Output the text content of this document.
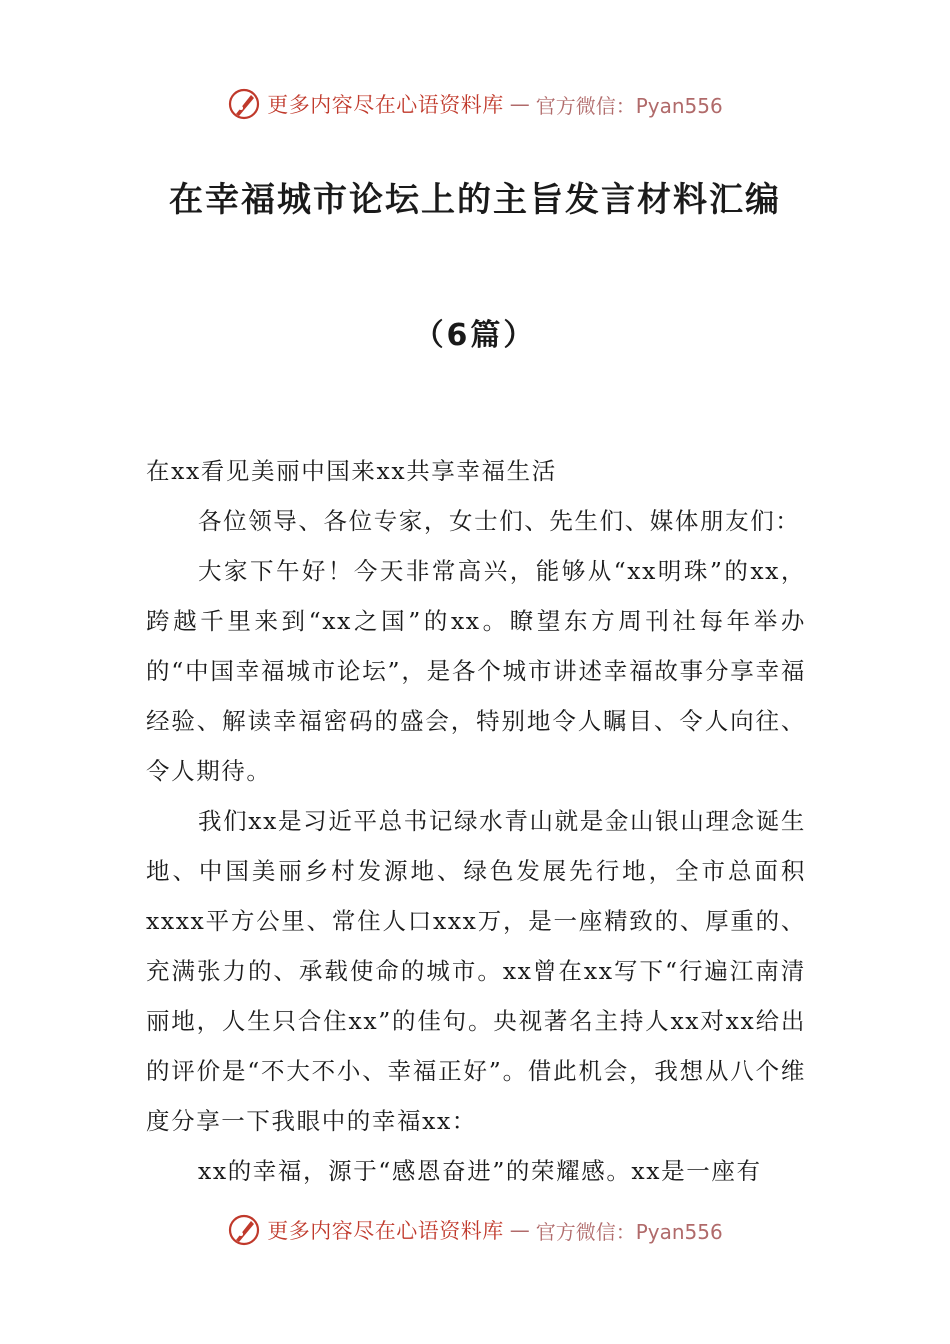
更多内容尽在心语资料库 — 官方微信：Pyan556
在幸福城市论坛上的主旨发言材料汇编
（6篇）

在xx看见美丽中国来xx共享幸福生活

各位领导、各位专家，女士们、先生们、媒体朋友们：

大家下午好！今天非常高兴，能够从“xx明珠”的xx，跨越千里来到“xx之国”的xx。瞭望东方周刊社每年举办的“中国幸福城市论坛”，是各个城市讲述幸福故事分享幸福经验、解读幸福密码的盛会，特别地令人瞩目、令人向往、令人期待。

我们xx是习近平总书记绿水青山就是金山银山理念诞生地、中国美丽乡村发源地、绿色发展先行地，全市总面积xxxx平方公里、常住人口xxx万，是一座精致的、厚重的、充满张力的、承载使命的城市。xx曾在xx写下“行遍江南清丽地，人生只合住xx”的佳句。央视著名主持人xx对xx给出的评价是“不大不小、幸福正好”。借此机会，我想从八个维度分享一下我眼中的幸福xx：

xx的幸福，源于“感恩奋进”的荣耀感。xx是一座有

更多内容尽在心语资料库 — 官方微信：Pyan556
